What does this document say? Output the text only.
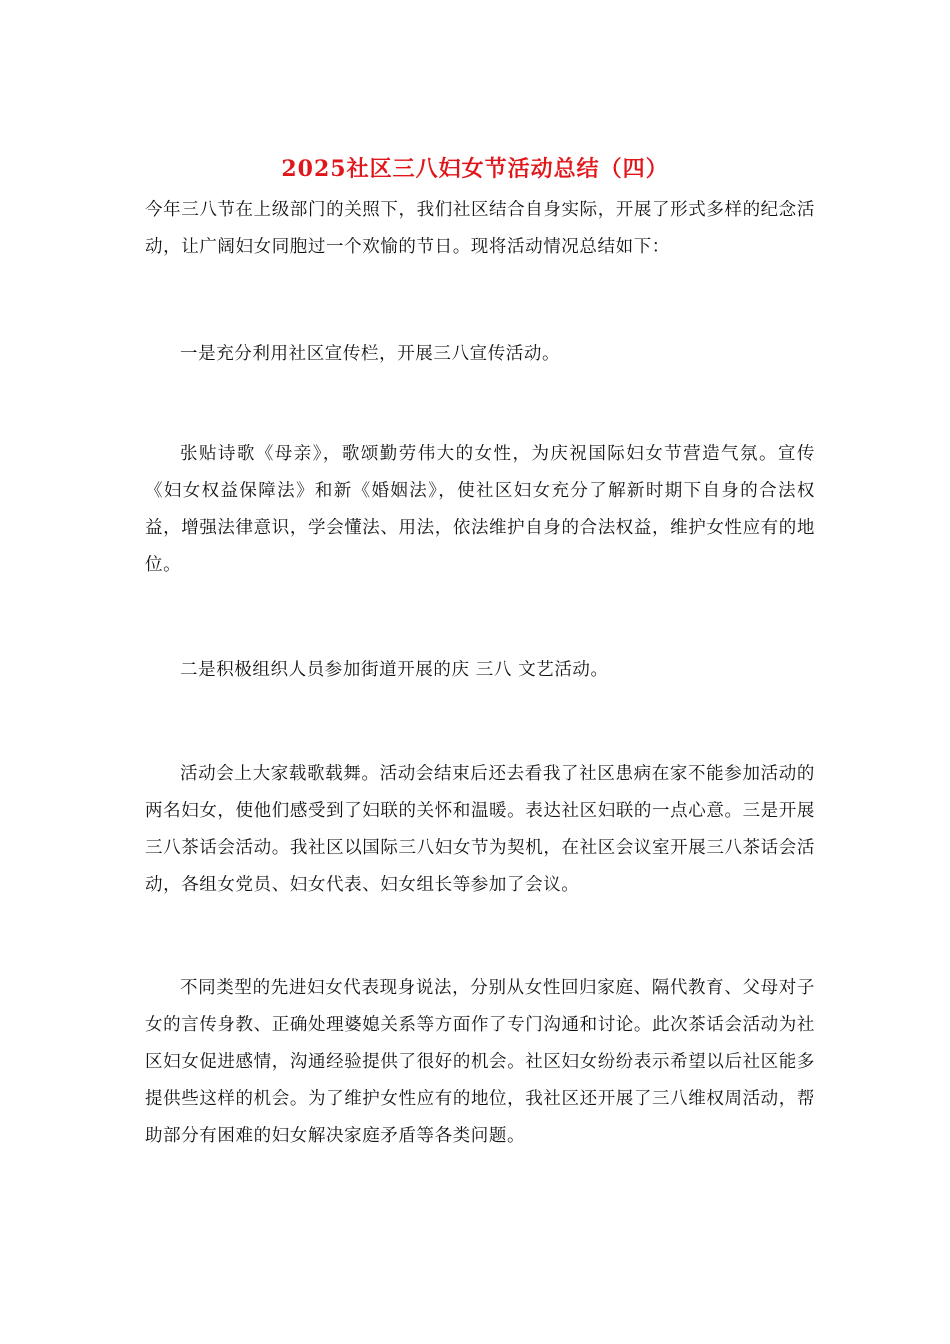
2025社区三八妇女节活动总结（四）

今年三八节在上级部门的关照下，我们社区结合自身实际，开展了形式多样的纪念活动，让广阔妇女同胞过一个欢愉的节日。现将活动情况总结如下：

一是充分利用社区宣传栏，开展三八宣传活动。

张贴诗歌《母亲》，歌颂勤劳伟大的女性，为庆祝国际妇女节营造气氛。宣传《妇女权益保障法》和新《婚姻法》，使社区妇女充分了解新时期下自身的合法权益，增强法律意识，学会懂法、用法，依法维护自身的合法权益，维护女性应有的地位。

二是积极组织人员参加街道开展的庆 三八 文艺活动。

活动会上大家载歌载舞。活动会结束后还去看我了社区患病在家不能参加活动的两名妇女，使他们感受到了妇联的关怀和温暖。表达社区妇联的一点心意。三是开展三八茶话会活动。我社区以国际三八妇女节为契机，在社区会议室开展三八茶话会活动，各组女党员、妇女代表、妇女组长等参加了会议。

不同类型的先进妇女代表现身说法，分别从女性回归家庭、隔代教育、父母对子女的言传身教、正确处理婆媳关系等方面作了专门沟通和讨论。此次茶话会活动为社区妇女促进感情，沟通经验提供了很好的机会。社区妇女纷纷表示希望以后社区能多提供些这样的机会。为了维护女性应有的地位，我社区还开展了三八维权周活动，帮助部分有困难的妇女解决家庭矛盾等各类问题。
